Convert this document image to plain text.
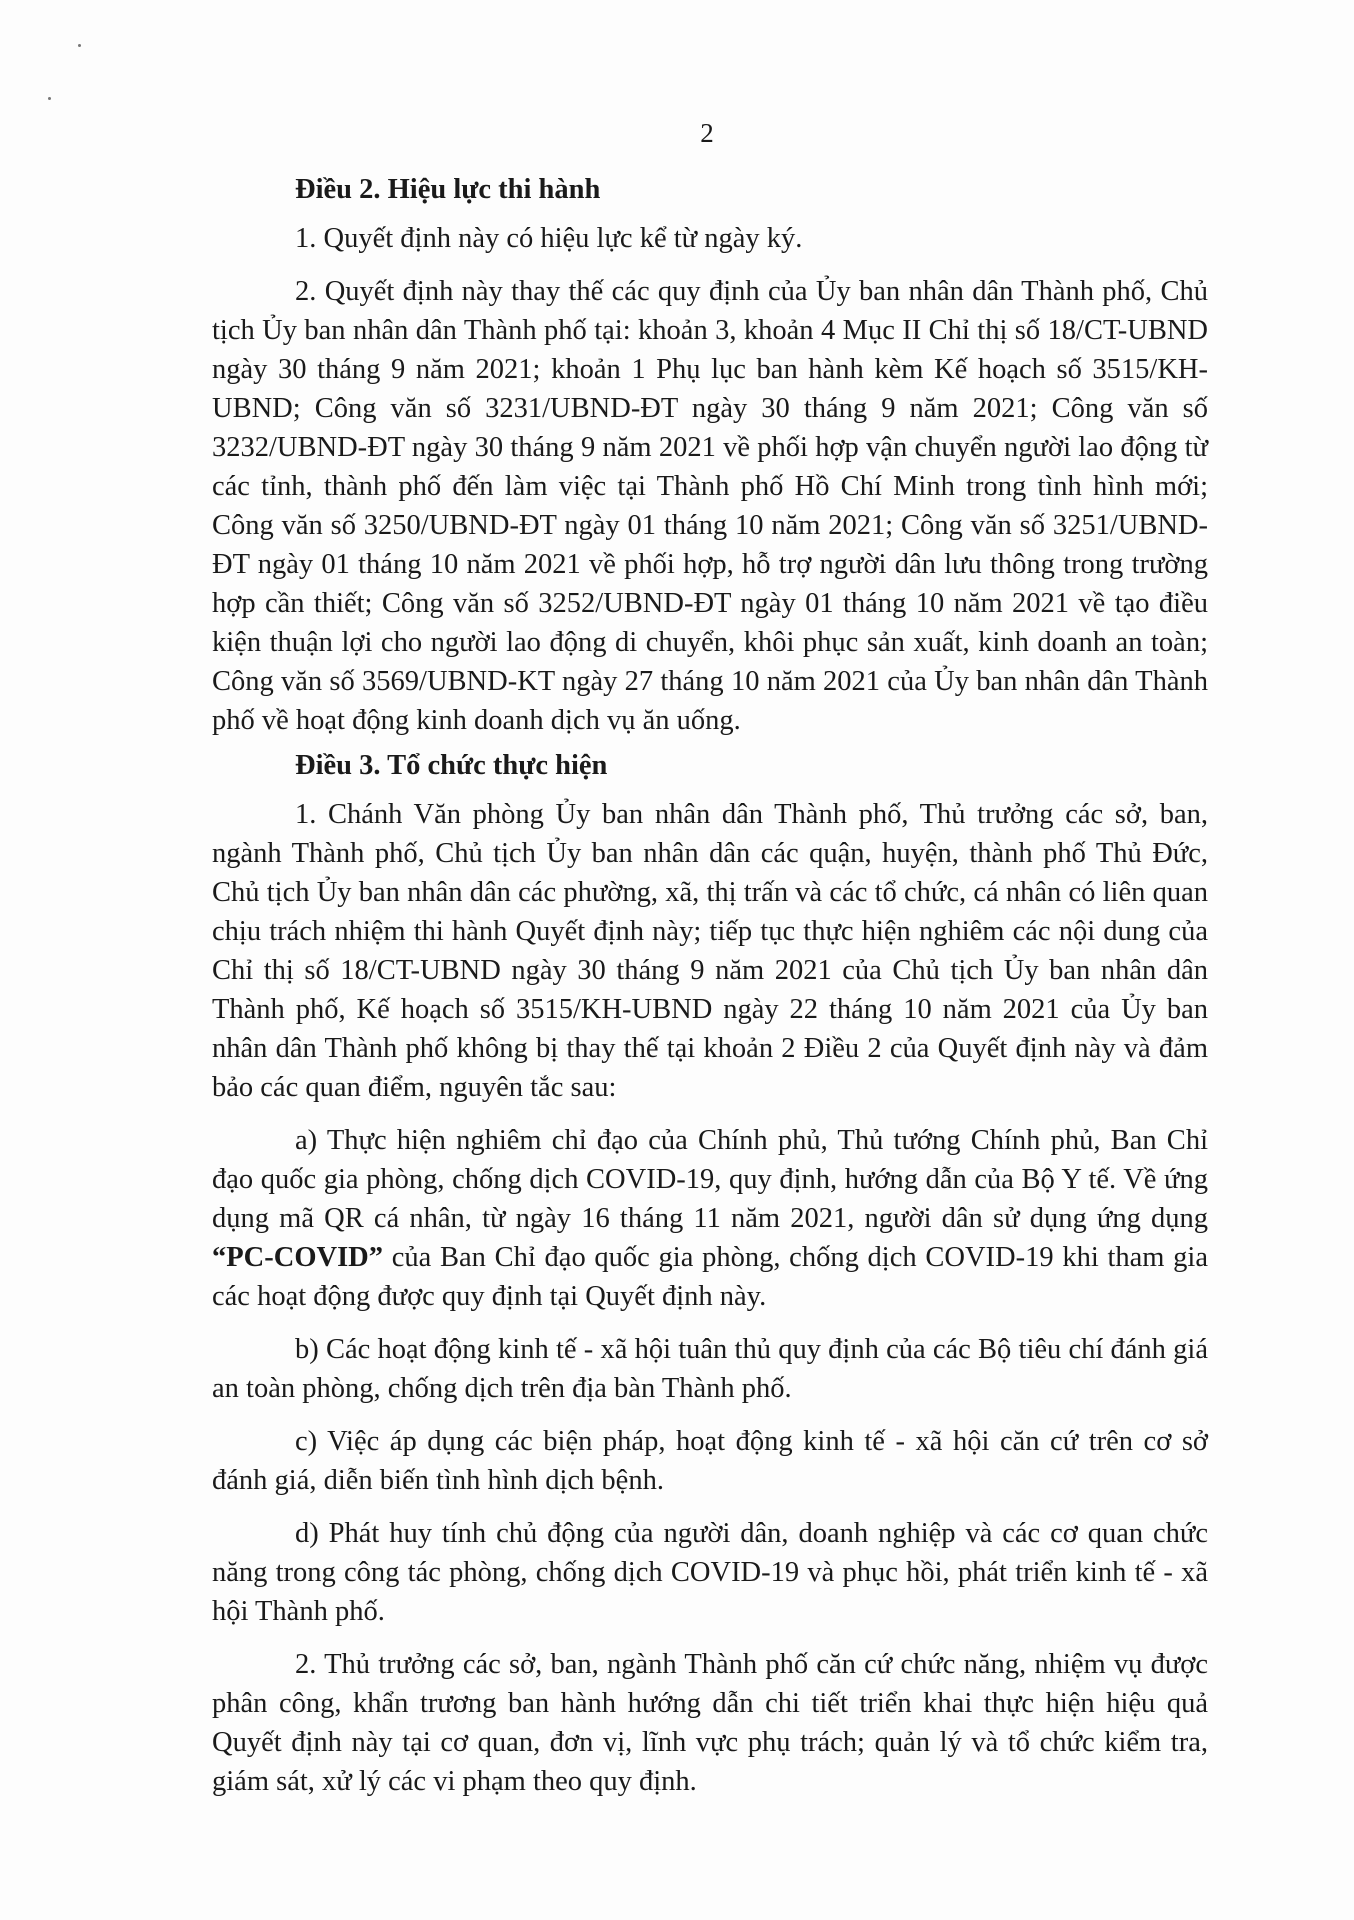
2

Điều 2. Hiệu lực thi hành

1. Quyết định này có hiệu lực kể từ ngày ký.

2. Quyết định này thay thế các quy định của Ủy ban nhân dân Thành phố, Chủ tịch Ủy ban nhân dân Thành phố tại: khoản 3, khoản 4 Mục II Chỉ thị số 18/CT-UBND ngày 30 tháng 9 năm 2021; khoản 1 Phụ lục ban hành kèm Kế hoạch số 3515/KH-UBND; Công văn số 3231/UBND-ĐT ngày 30 tháng 9 năm 2021; Công văn số 3232/UBND-ĐT ngày 30 tháng 9 năm 2021 về phối hợp vận chuyển người lao động từ các tỉnh, thành phố đến làm việc tại Thành phố Hồ Chí Minh trong tình hình mới; Công văn số 3250/UBND-ĐT ngày 01 tháng 10 năm 2021; Công văn số 3251/UBND-ĐT ngày 01 tháng 10 năm 2021 về phối hợp, hỗ trợ người dân lưu thông trong trường hợp cần thiết; Công văn số 3252/UBND-ĐT ngày 01 tháng 10 năm 2021 về tạo điều kiện thuận lợi cho người lao động di chuyển, khôi phục sản xuất, kinh doanh an toàn; Công văn số 3569/UBND-KT ngày 27 tháng 10 năm 2021 của Ủy ban nhân dân Thành phố về hoạt động kinh doanh dịch vụ ăn uống.

Điều 3. Tổ chức thực hiện

1. Chánh Văn phòng Ủy ban nhân dân Thành phố, Thủ trưởng các sở, ban, ngành Thành phố, Chủ tịch Ủy ban nhân dân các quận, huyện, thành phố Thủ Đức, Chủ tịch Ủy ban nhân dân các phường, xã, thị trấn và các tổ chức, cá nhân có liên quan chịu trách nhiệm thi hành Quyết định này; tiếp tục thực hiện nghiêm các nội dung của Chỉ thị số 18/CT-UBND ngày 30 tháng 9 năm 2021 của Chủ tịch Ủy ban nhân dân Thành phố, Kế hoạch số 3515/KH-UBND ngày 22 tháng 10 năm 2021 của Ủy ban nhân dân Thành phố không bị thay thế tại khoản 2 Điều 2 của Quyết định này và đảm bảo các quan điểm, nguyên tắc sau:

a) Thực hiện nghiêm chỉ đạo của Chính phủ, Thủ tướng Chính phủ, Ban Chỉ đạo quốc gia phòng, chống dịch COVID-19, quy định, hướng dẫn của Bộ Y tế. Về ứng dụng mã QR cá nhân, từ ngày 16 tháng 11 năm 2021, người dân sử dụng ứng dụng “PC-COVID” của Ban Chỉ đạo quốc gia phòng, chống dịch COVID-19 khi tham gia các hoạt động được quy định tại Quyết định này.

b) Các hoạt động kinh tế - xã hội tuân thủ quy định của các Bộ tiêu chí đánh giá an toàn phòng, chống dịch trên địa bàn Thành phố.

c) Việc áp dụng các biện pháp, hoạt động kinh tế - xã hội căn cứ trên cơ sở đánh giá, diễn biến tình hình dịch bệnh.

d) Phát huy tính chủ động của người dân, doanh nghiệp và các cơ quan chức năng trong công tác phòng, chống dịch COVID-19 và phục hồi, phát triển kinh tế - xã hội Thành phố.

2. Thủ trưởng các sở, ban, ngành Thành phố căn cứ chức năng, nhiệm vụ được phân công, khẩn trương ban hành hướng dẫn chi tiết triển khai thực hiện hiệu quả Quyết định này tại cơ quan, đơn vị, lĩnh vực phụ trách; quản lý và tổ chức kiểm tra, giám sát, xử lý các vi phạm theo quy định.
